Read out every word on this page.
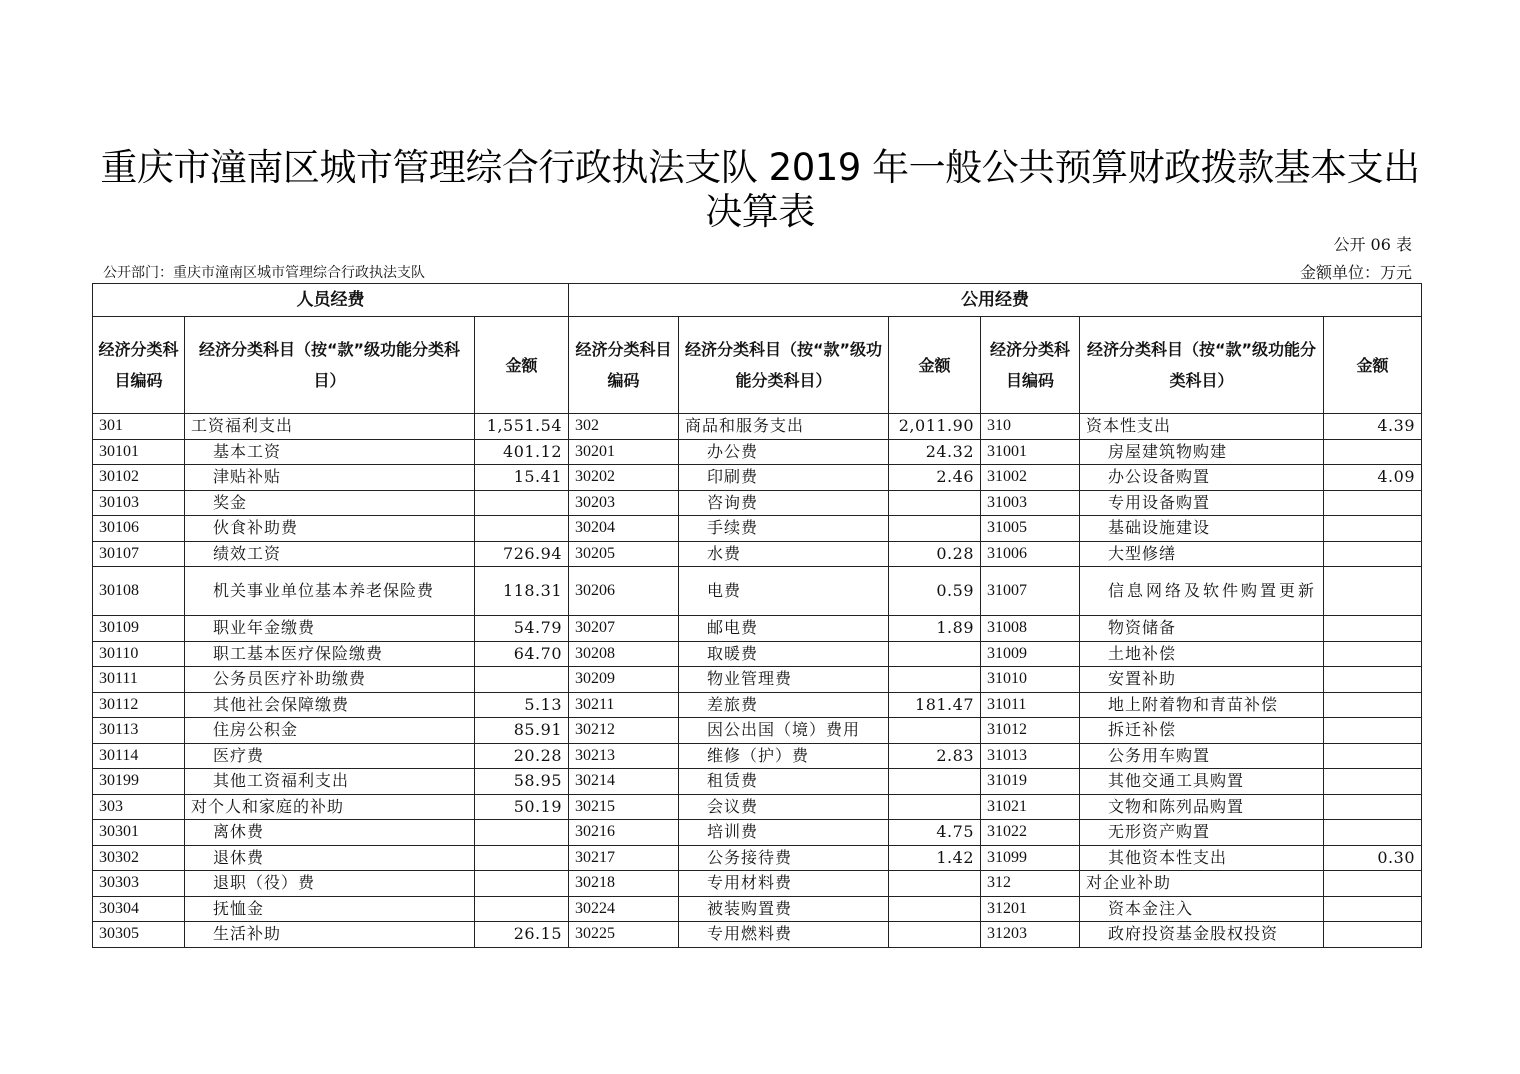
重庆市潼南区城市管理综合行政执法支队 2019 年一般公共预算财政拨款基本支出决算表
公开 06 表
公开部门：重庆市潼南区城市管理综合行政执法支队	金额单位：万元
人员经费			公用经费					
经济分类科目编码	经济分类科目（按“款”级功能分类科目）	金额	经济分类科目编码	经济分类科目（按“款”级功能分类科目）	金额	经济分类科目编码	经济分类科目（按“款”级功能分类科目）	金额
301	工资福利支出	1,551.54	302	商品和服务支出	2,011.90	310	资本性支出	4.39
30101	基本工资	401.12	30201	办公费	24.32	31001	房屋建筑物购建	
30102	津贴补贴	15.41	30202	印刷费	2.46	31002	办公设备购置	4.09
30103	奖金		30203	咨询费		31003	专用设备购置	
30106	伙食补助费		30204	手续费		31005	基础设施建设	
30107	绩效工资	726.94	30205	水费	0.28	31006	大型修缮	
30108	机关事业单位基本养老保险费	118.31	30206	电费	0.59	31007	信息网络及软件购置更新	
30109	职业年金缴费	54.79	30207	邮电费	1.89	31008	物资储备	
30110	职工基本医疗保险缴费	64.70	30208	取暖费		31009	土地补偿	
30111	公务员医疗补助缴费		30209	物业管理费		31010	安置补助	
30112	其他社会保障缴费	5.13	30211	差旅费	181.47	31011	地上附着物和青苗补偿	
30113	住房公积金	85.91	30212	因公出国（境）费用		31012	拆迁补偿	
30114	医疗费	20.28	30213	维修（护）费	2.83	31013	公务用车购置	
30199	其他工资福利支出	58.95	30214	租赁费		31019	其他交通工具购置	
303	对个人和家庭的补助	50.19	30215	会议费		31021	文物和陈列品购置	
30301	离休费		30216	培训费	4.75	31022	无形资产购置	
30302	退休费		30217	公务接待费	1.42	31099	其他资本性支出	0.30
30303	退职（役）费		30218	专用材料费		312	对企业补助	
30304	抚恤金		30224	被装购置费		31201	资本金注入	
30305	生活补助	26.15	30225	专用燃料费		31203	政府投资基金股权投资	
